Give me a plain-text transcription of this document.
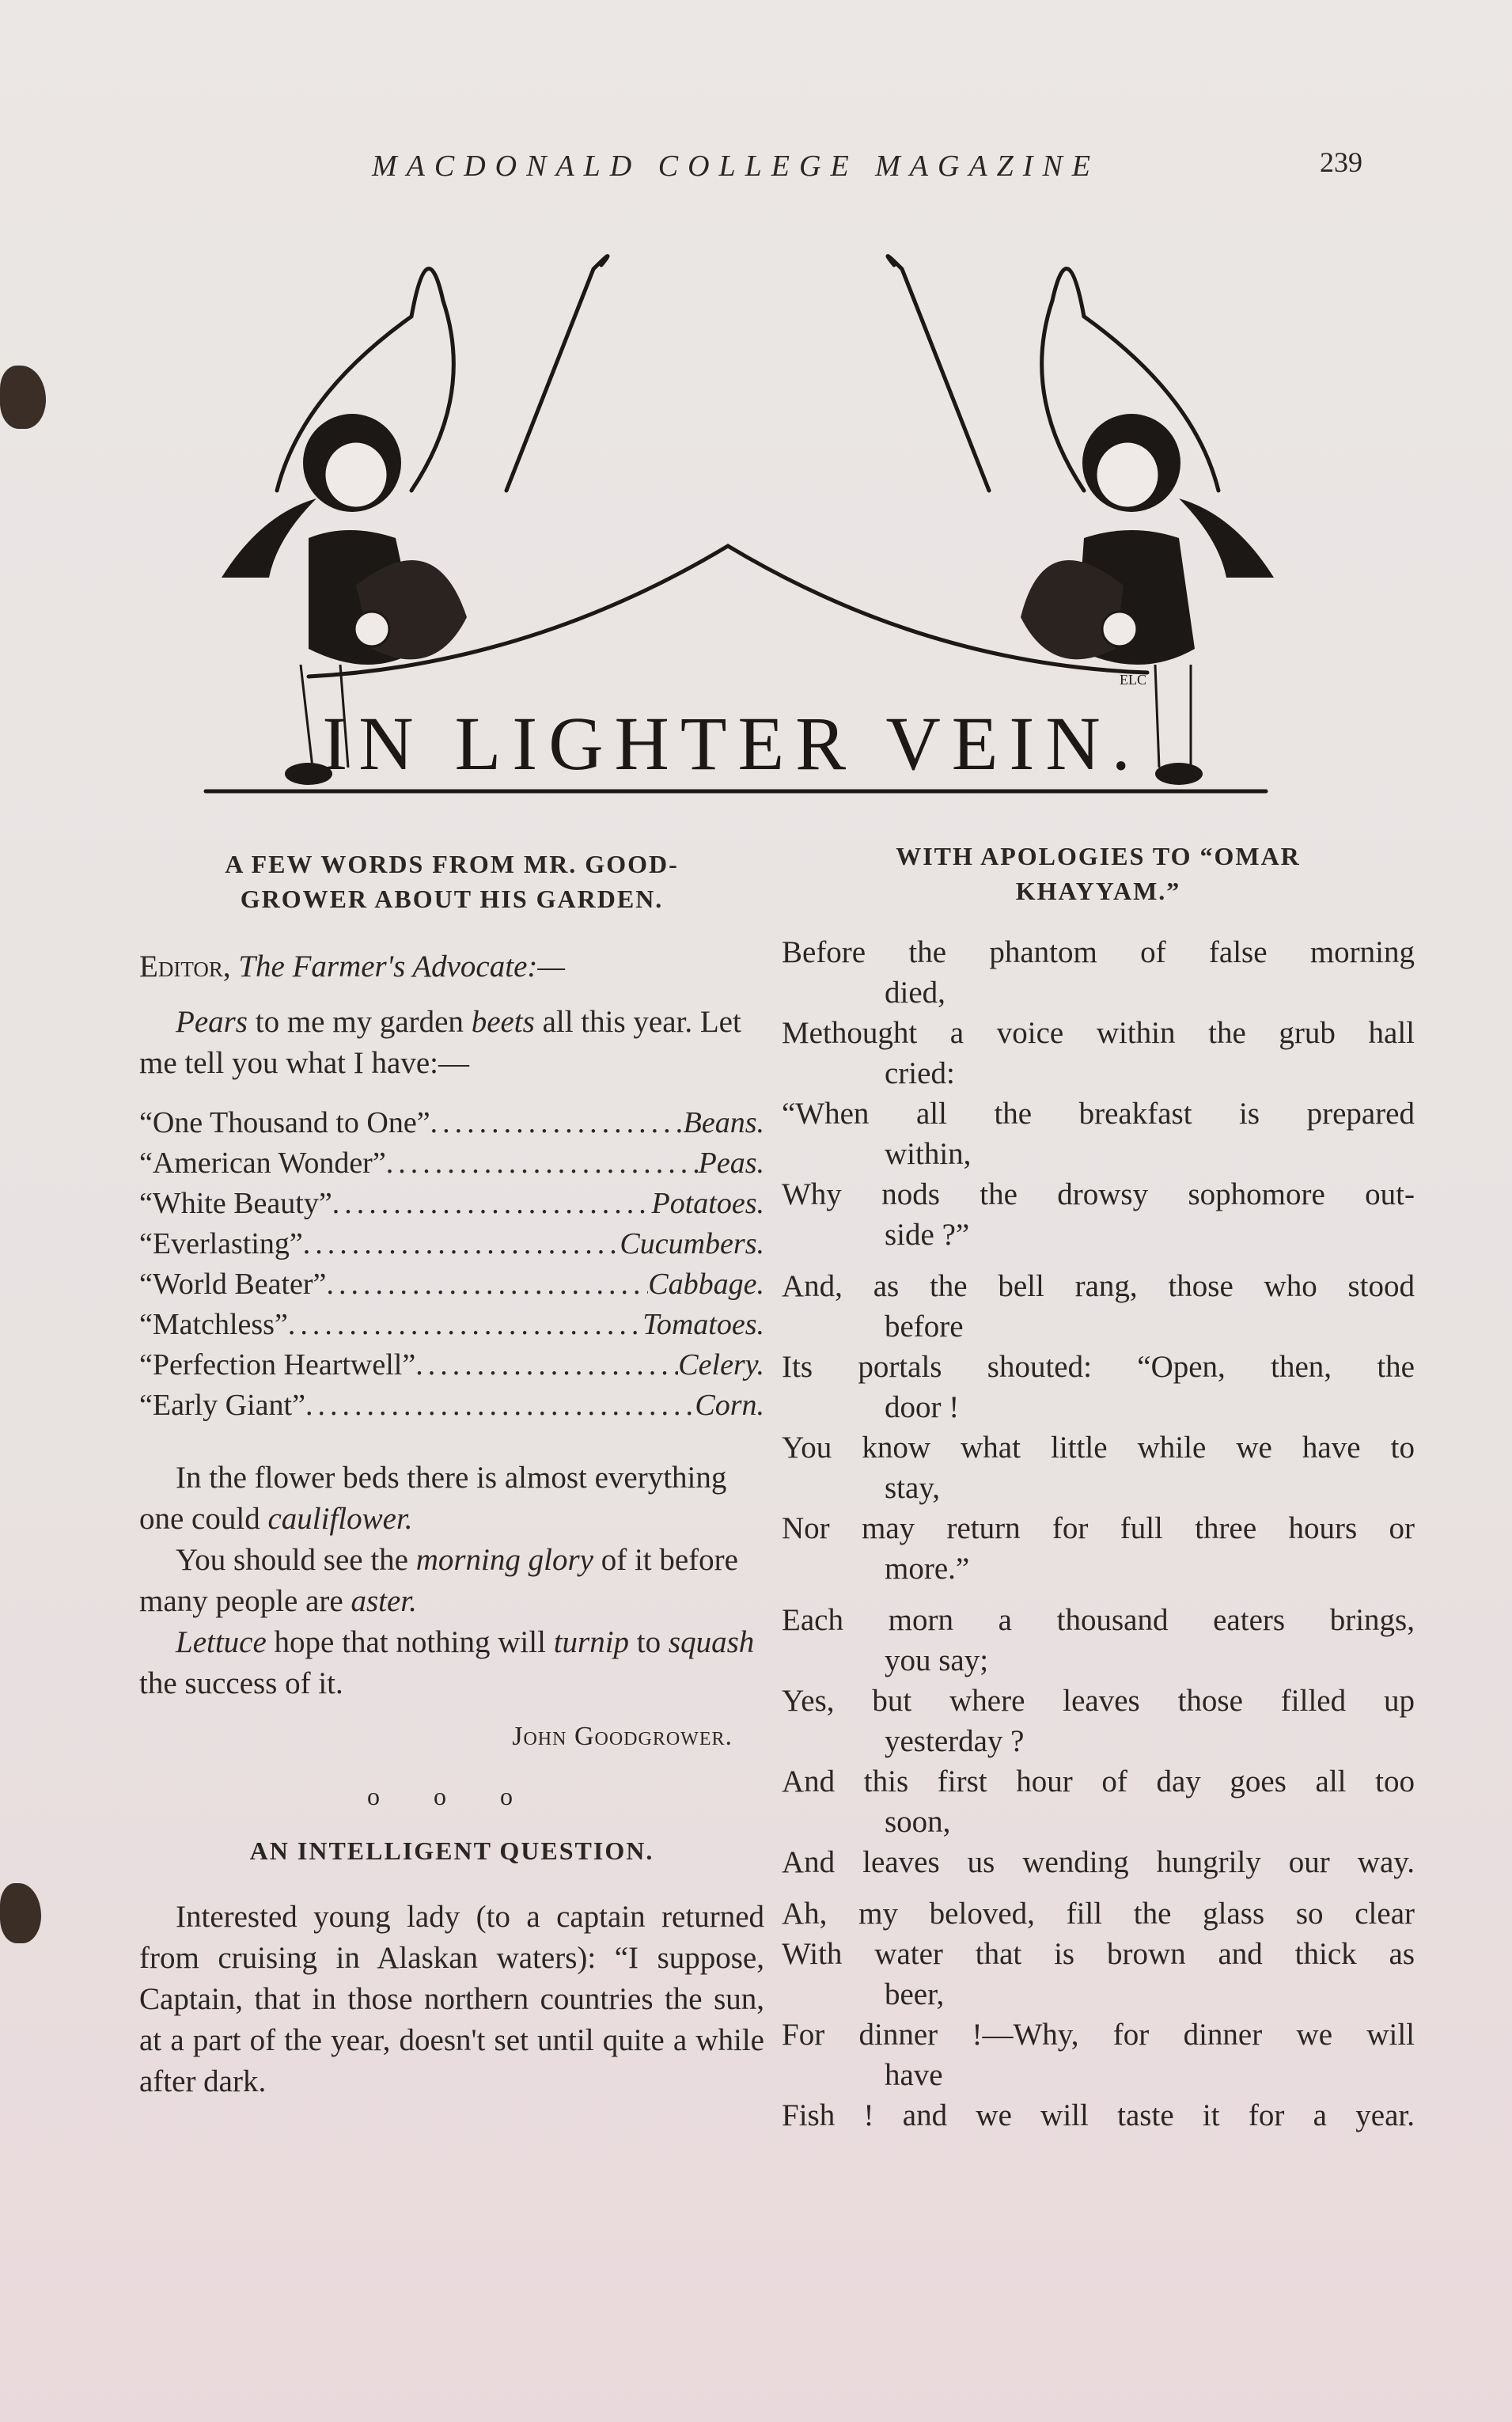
MACDONALD COLLEGE MAGAZINE	239
IN LIGHTER VEIN.
ELC
A FEW WORDS FROM MR. GOOD-GROWER ABOUT HIS GARDEN.

Editor, The Farmer's Advocate:—

Pears to me my garden beets all this year. Let me tell you what I have:—

“One Thousand to One” .....	Beans.
“American Wonder” .....	Peas.
“White Beauty” .....	Potatoes.
“Everlasting” .....	Cucumbers.
“World Beater” .....	Cabbage.
“Matchless” .....	Tomatoes.
“Perfection Heartwell” .....	Celery.
“Early Giant” .....	Corn.

In the flower beds there is almost everything one could cauliflower.

You should see the morning glory of it before many people are aster.

Lettuce hope that nothing will turnip to squash the success of it.

John Goodgrower.
o o o
AN INTELLIGENT QUESTION.

Interested young lady (to a captain returned from cruising in Alaskan waters): “I suppose, Captain, that in those northern countries the sun, at a part of the year, doesn't set until quite a while after dark.

WITH APOLOGIES TO “OMAR KHAYYAM.”

Before the phantom of false morning

died,

Methought a voice within the grub hall

cried:

“When all the breakfast is prepared

within,

Why nods the drowsy sophomore out-

side ?”

And, as the bell rang, those who stood

before

Its portals shouted: “Open, then, the

door !

You know what little while we have to

stay,

Nor may return for full three hours or

more.”

Each morn a thousand eaters brings,

you say;

Yes, but where leaves those filled up

yesterday ?

And this first hour of day goes all too

soon,

And leaves us wending hungrily our way.

Ah, my beloved, fill the glass so clear

With water that is brown and thick as

beer,

For dinner !—Why, for dinner we will

have

Fish ! and we will taste it for a year.
